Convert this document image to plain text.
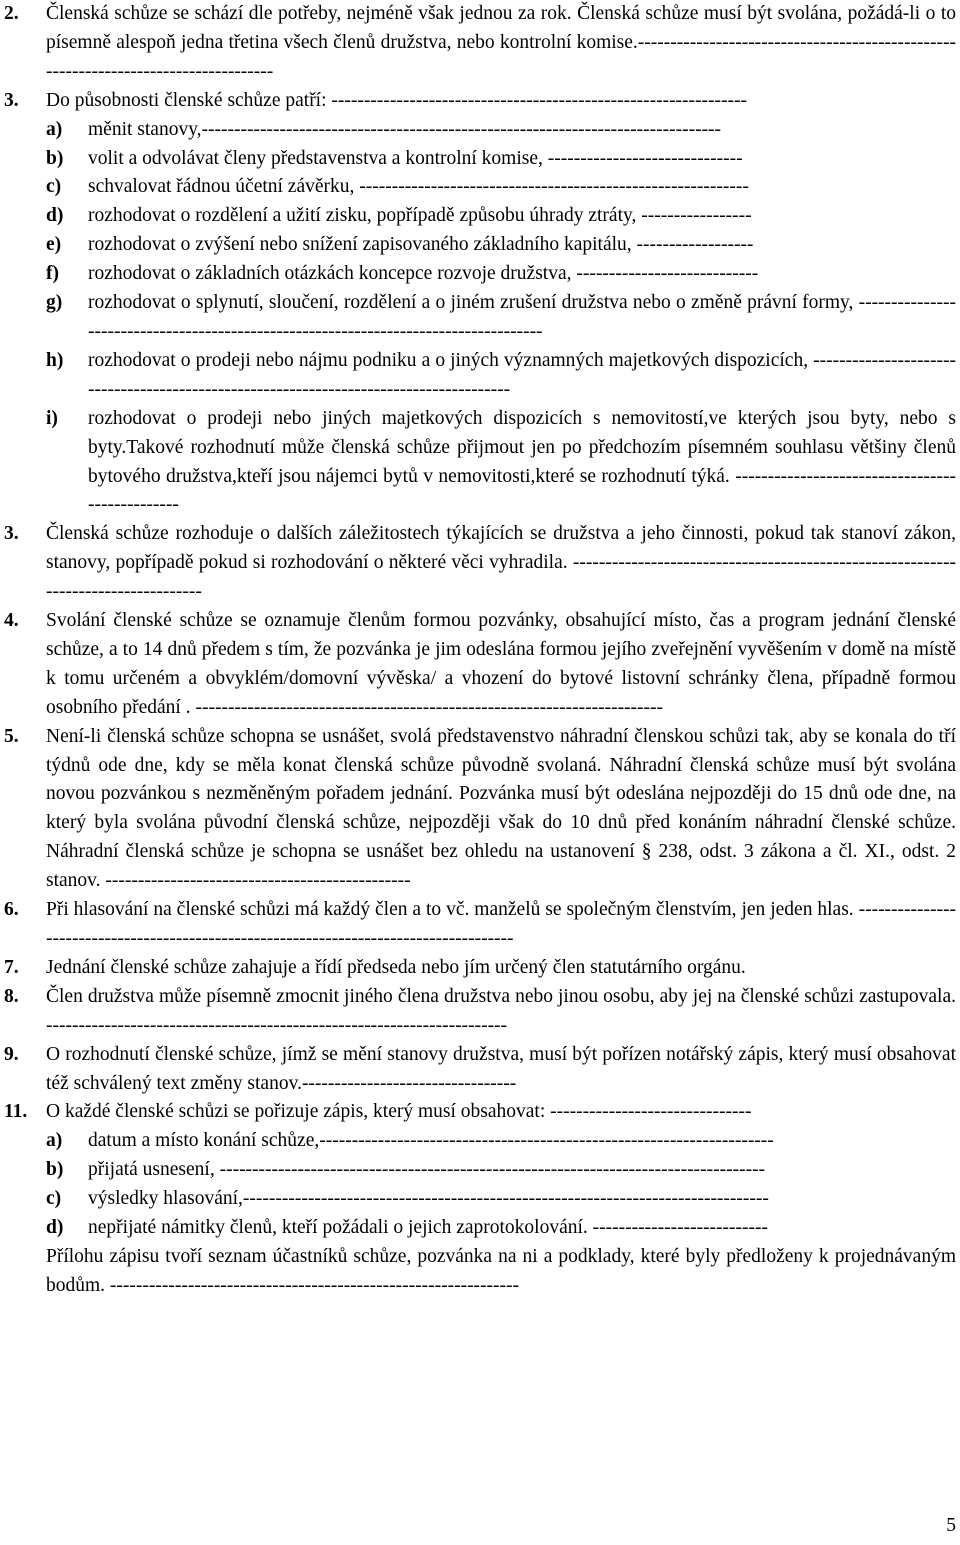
2.	Členská schůze se schází dle potřeby, nejméně však jednou za rok. Členská schůze musí být svolána, požádá-li o to písemně alespoň jedna třetina všech členů družstva, nebo kontrolní komise.------------------------------------------------------------------------------------
3.	Do působnosti členské schůze patří: ----------------------------------------------------------------
a)	měnit stanovy,--------------------------------------------------------------------------------
b)	volit a odvolávat členy představenstva a kontrolní komise, ------------------------------
c)	schvalovat řádnou účetní závěrku, ------------------------------------------------------------
d)	rozhodovat o rozdělení a užití zisku, popřípadě způsobu úhrady ztráty, -----------------
e)	rozhodovat o zvýšení nebo snížení zapisovaného základního kapitálu, ------------------
f)	rozhodovat o základních otázkách koncepce rozvoje družstva, ----------------------------
g)	rozhodovat o splynutí, sloučení, rozdělení a o jiném zrušení družstva nebo o změně právní formy, -------------------------------------------------------------------------------------
h)	rozhodovat o prodeji nebo nájmu podniku a o jiných významných majetkových dispozicích, ---------------------------------------------------------------------------------------
i)	rozhodovat o prodeji nebo jiných majetkových dispozicích s nemovitostí,ve kterých jsou byty, nebo s byty.Takové rozhodnutí může členská schůze přijmout jen po předchozím písemném souhlasu většiny členů bytového družstva,kteří jsou nájemci bytů v nemovitosti,které se rozhodnutí týká. ------------------------------------------------
3.	Členská schůze rozhoduje o dalších záležitostech týkajících se družstva a jeho činnosti, pokud tak stanoví zákon, stanovy, popřípadě pokud si rozhodování o některé věci vyhradila. -----------------------------------------------------------------------------------
4.	Svolání členské schůze se oznamuje členům formou pozvánky, obsahující místo, čas a program jednání členské schůze, a to 14 dnů předem s tím, že pozvánka je jim odeslána formou jejího zveřejnění vyvěšením v domě na místě k tomu určeném a obvyklém/domovní vývěska/ a vhození do bytové listovní schránky člena, případně formou osobního předání . ------------------------------------------------------------------------
5.	Není-li členská schůze schopna se usnášet, svolá představenstvo náhradní členskou schůzi tak, aby se konala do tří týdnů ode dne, kdy se měla konat členská schůze původně svolaná. Náhradní členská schůze musí být svolána novou pozvánkou s nezměněným pořadem jednání. Pozvánka musí být odeslána nejpozději do 15 dnů ode dne, na který byla svolána původní členská schůze, nejpozději však do 10 dnů před konáním náhradní členské schůze. Náhradní členská schůze je schopna se usnášet bez ohledu na ustanovení § 238, odst. 3 zákona a čl. XI., odst. 2 stanov. -----------------------------------------------
6.	Při hlasování na členské schůzi má každý člen a to vč. manželů se společným členstvím, jen jeden hlas. ---------------------------------------------------------------------------------------
7.	Jednání členské schůze zahajuje a řídí předseda nebo jím určený člen statutárního orgánu.
8.	Člen družstva může písemně zmocnit jiného člena družstva nebo jinou osobu, aby jej na členské schůzi zastupovala. -----------------------------------------------------------------------
9.	O rozhodnutí členské schůze, jímž se mění stanovy družstva, musí být pořízen notářský zápis, který musí obsahovat též schválený text změny stanov.---------------------------------
11. O každé členské schůzi se pořizuje zápis, který musí obsahovat: -------------------------------
a)	datum a místo konání schůze,----------------------------------------------------------------------
b)	přijatá usnesení, ------------------------------------------------------------------------------------
c)	výsledky hlasování,---------------------------------------------------------------------------------
d)	nepřijaté námitky členů, kteří požádali o jejich zaprotokolování. ---------------------------
Přílohu zápisu tvoří seznam účastníků schůze, pozvánka na ni a podklady, které byly předloženy k projednávaným bodům. ---------------------------------------------------------------
5
